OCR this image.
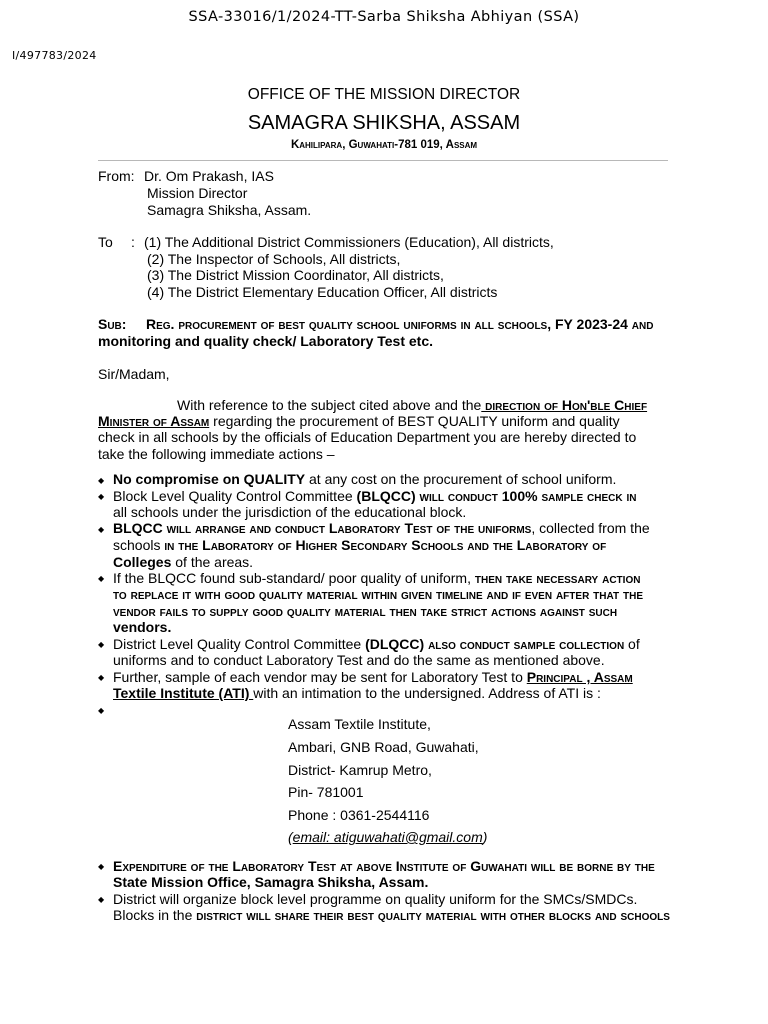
SSA-33016/1/2024-TT-Sarba Shiksha Abhiyan (SSA)
I/497783/2024
OFFICE OF THE MISSION DIRECTOR
SAMAGRA SHIKSHA, ASSAM
Kahilipara, Guwahati-781 019, Assam
From: Dr. Om Prakash, IAS
Mission Director
Samagra Shiksha, Assam.
To : (1) The Additional District Commissioners (Education), All districts,
(2) The Inspector of Schools, All districts,
(3) The District Mission Coordinator, All districts,
(4) The District Elementary Education Officer, All districts
Sub: Reg. procurement of best quality school uniforms in all schools, FY 2023-24 and
monitoring and quality check/ Laboratory Test etc.
Sir/Madam,
With reference to the subject cited above and the direction of Hon'ble Chief
Minister of Assam regarding the procurement of BEST QUALITY uniform and quality
check in all schools by the officials of Education Department you are hereby directed to
take the following immediate actions –
◆ No compromise on QUALITY at any cost on the procurement of school uniform.
◆ Block Level Quality Control Committee (BLQCC) will conduct 100% sample check in
all schools under the jurisdiction of the educational block.
◆ BLQCC will arrange and conduct Laboratory Test of the uniforms, collected from the
schools in the Laboratory of Higher Secondary Schools and the Laboratory of
Colleges of the areas.
◆ If the BLQCC found sub-standard/ poor quality of uniform, then take necessary action
to replace it with good quality material within given timeline and if even after that the
vendor fails to supply good quality material then take strict actions against such
vendors.
◆ District Level Quality Control Committee (DLQCC) also conduct sample collection of
uniforms and to conduct Laboratory Test and do the same as mentioned above.
◆ Further, sample of each vendor may be sent for Laboratory Test to Principal , Assam
Textile Institute (ATI) with an intimation to the undersigned. Address of ATI is :
◆
Assam Textile Institute,
Ambari, GNB Road, Guwahati,
District- Kamrup Metro,
Pin- 781001
Phone : 0361-2544116
(email: atiguwahati@gmail.com)
◆ Expenditure of the Laboratory Test at above Institute of Guwahati will be borne by the
State Mission Office, Samagra Shiksha, Assam.
◆ District will organize block level programme on quality uniform for the SMCs/SMDCs.
Blocks in the district will share their best quality material with other blocks and schools
